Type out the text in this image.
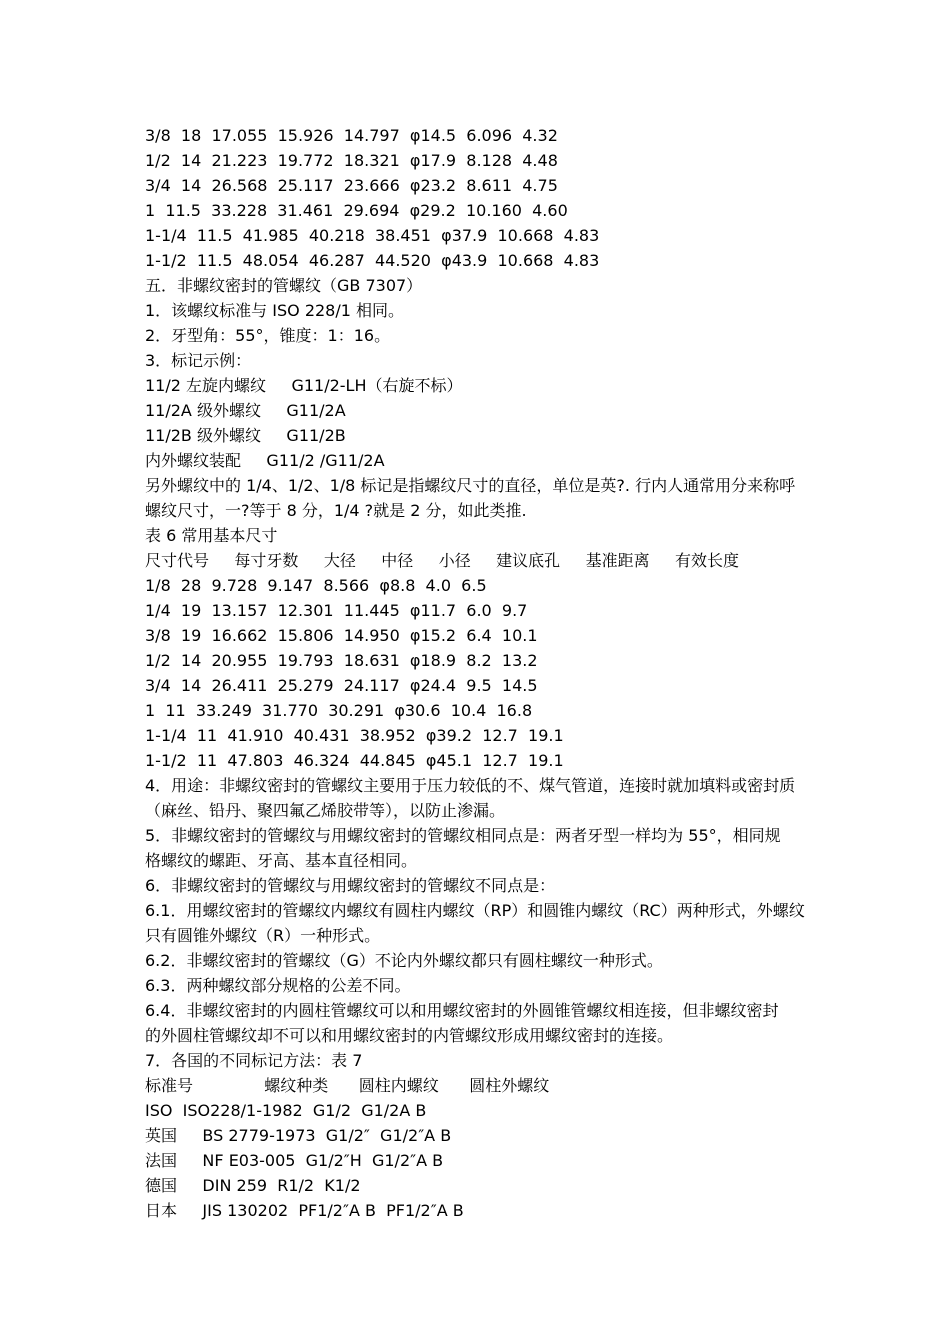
3/8  18  17.055  15.926  14.797  φ14.5  6.096  4.32
1/2  14  21.223  19.772  18.321  φ17.9  8.128  4.48
3/4  14  26.568  25.117  23.666  φ23.2  8.611  4.75
1  11.5  33.228  31.461  29.694  φ29.2  10.160  4.60
1-1/4  11.5  41.985  40.218  38.451  φ37.9  10.668  4.83
1-1/2  11.5  48.054  46.287  44.520  φ43.9  10.668  4.83
五．非螺纹密封的管螺纹（GB 7307）
1．该螺纹标准与 ISO 228/1 相同。
2．牙型角：55°，锥度：1：16。
3．标记示例：
11/2 左旋内螺纹     G11/2-LH（右旋不标）
11/2A 级外螺纹     G11/2A
11/2B 级外螺纹     G11/2B
内外螺纹装配     G11/2 /G11/2A
另外螺纹中的 1/4、1/2、1/8 标记是指螺纹尺寸的直径，单位是英?. 行内人通常用分来称呼
螺纹尺寸，一?等于 8 分，1/4 ?就是 2 分，如此类推.
表 6 常用基本尺寸
尺寸代号     每寸牙数     大径     中径     小径     建议底孔     基准距离     有效长度
1/8  28  9.728  9.147  8.566  φ8.8  4.0  6.5
1/4  19  13.157  12.301  11.445  φ11.7  6.0  9.7
3/8  19  16.662  15.806  14.950  φ15.2  6.4  10.1
1/2  14  20.955  19.793  18.631  φ18.9  8.2  13.2
3/4  14  26.411  25.279  24.117  φ24.4  9.5  14.5
1  11  33.249  31.770  30.291  φ30.6  10.4  16.8
1-1/4  11  41.910  40.431  38.952  φ39.2  12.7  19.1
1-1/2  11  47.803  46.324  44.845  φ45.1  12.7  19.1
4．用途：非螺纹密封的管螺纹主要用于压力较低的不、煤气管道，连接时就加填料或密封质
（麻丝、铅丹、聚四氟乙烯胶带等），以防止渗漏。
5．非螺纹密封的管螺纹与用螺纹密封的管螺纹相同点是：两者牙型一样均为 55°，相同规
格螺纹的螺距、牙高、基本直径相同。
6．非螺纹密封的管螺纹与用螺纹密封的管螺纹不同点是：
6.1．用螺纹密封的管螺纹内螺纹有圆柱内螺纹（RP）和圆锥内螺纹（RC）两种形式，外螺纹
只有圆锥外螺纹（R）一种形式。
6.2．非螺纹密封的管螺纹（G）不论内外螺纹都只有圆柱螺纹一种形式。
6.3．两种螺纹部分规格的公差不同。
6.4．非螺纹密封的内圆柱管螺纹可以和用螺纹密封的外圆锥管螺纹相连接，但非螺纹密封
的外圆柱管螺纹却不可以和用螺纹密封的内管螺纹形成用螺纹密封的连接。
7．各国的不同标记方法：表 7
标准号              螺纹种类      圆柱内螺纹      圆柱外螺纹
ISO  ISO228/1-1982  G1/2  G1/2A B
英国     BS 2779-1973  G1/2″  G1/2″A B
法国     NF E03-005  G1/2″H  G1/2″A B
德国     DIN 259  R1/2  K1/2
日本     JIS 130202  PF1/2″A B  PF1/2″A B
